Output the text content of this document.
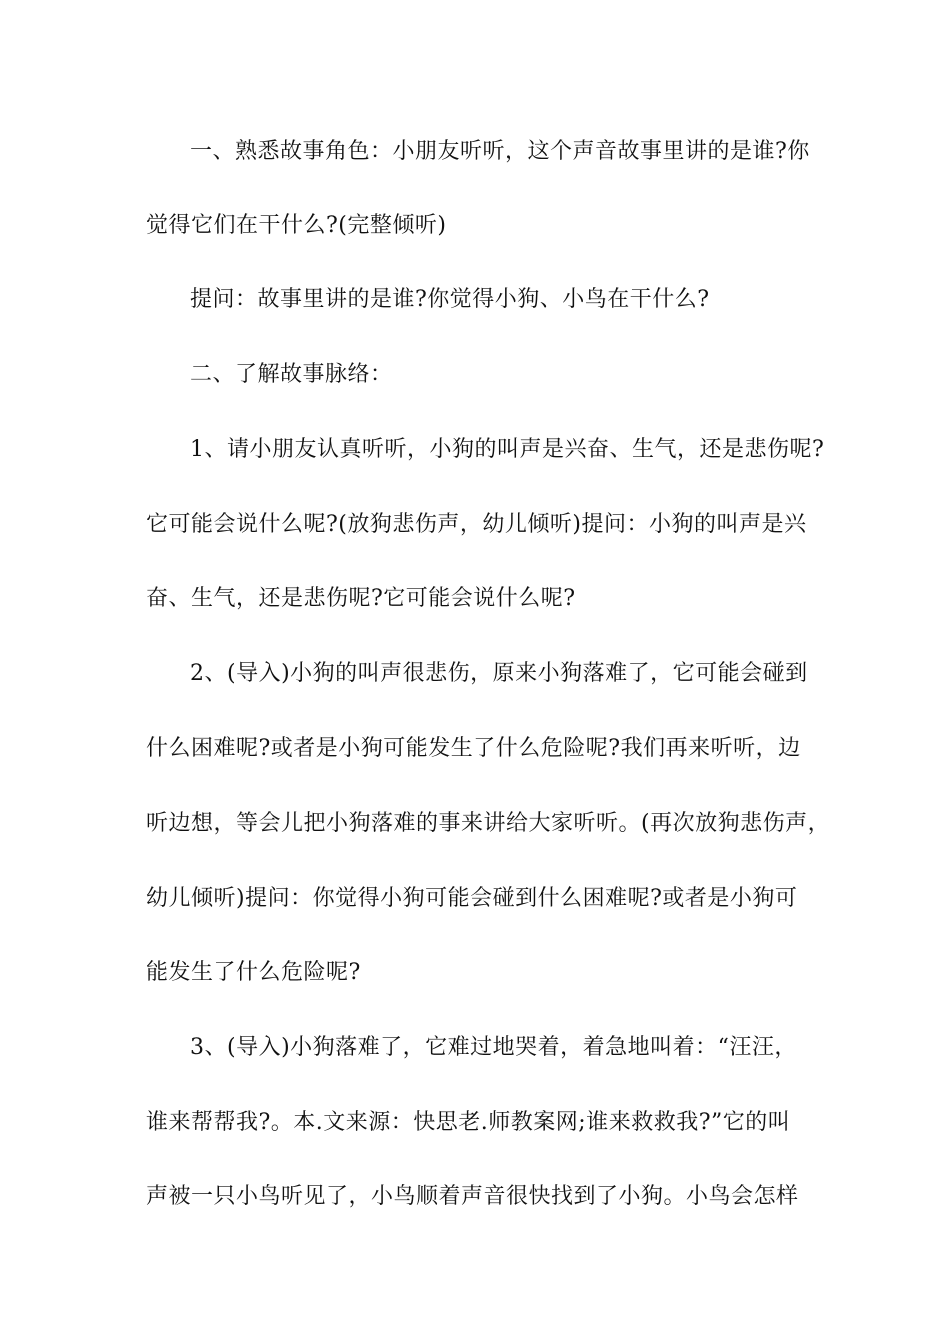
一、熟悉故事角色：小朋友听听，这个声音故事里讲的是谁?你
觉得它们在干什么?(完整倾听)
提问：故事里讲的是谁?你觉得小狗、小鸟在干什么?
二、了解故事脉络：
1、请小朋友认真听听，小狗的叫声是兴奋、生气，还是悲伤呢?
它可能会说什么呢?(放狗悲伤声，幼儿倾听)提问：小狗的叫声是兴
奋、生气，还是悲伤呢?它可能会说什么呢?
2、(导入)小狗的叫声很悲伤，原来小狗落难了，它可能会碰到
什么困难呢?或者是小狗可能发生了什么危险呢?我们再来听听，边
听边想，等会儿把小狗落难的事来讲给大家听听。(再次放狗悲伤声，
幼儿倾听)提问：你觉得小狗可能会碰到什么困难呢?或者是小狗可
能发生了什么危险呢?
3、(导入)小狗落难了，它难过地哭着，着急地叫着：“汪汪，
谁来帮帮我?。本.文来源：快思老.师教案网;谁来救救我?”它的叫
声被一只小鸟听见了，小鸟顺着声音很快找到了小狗。小鸟会怎样
